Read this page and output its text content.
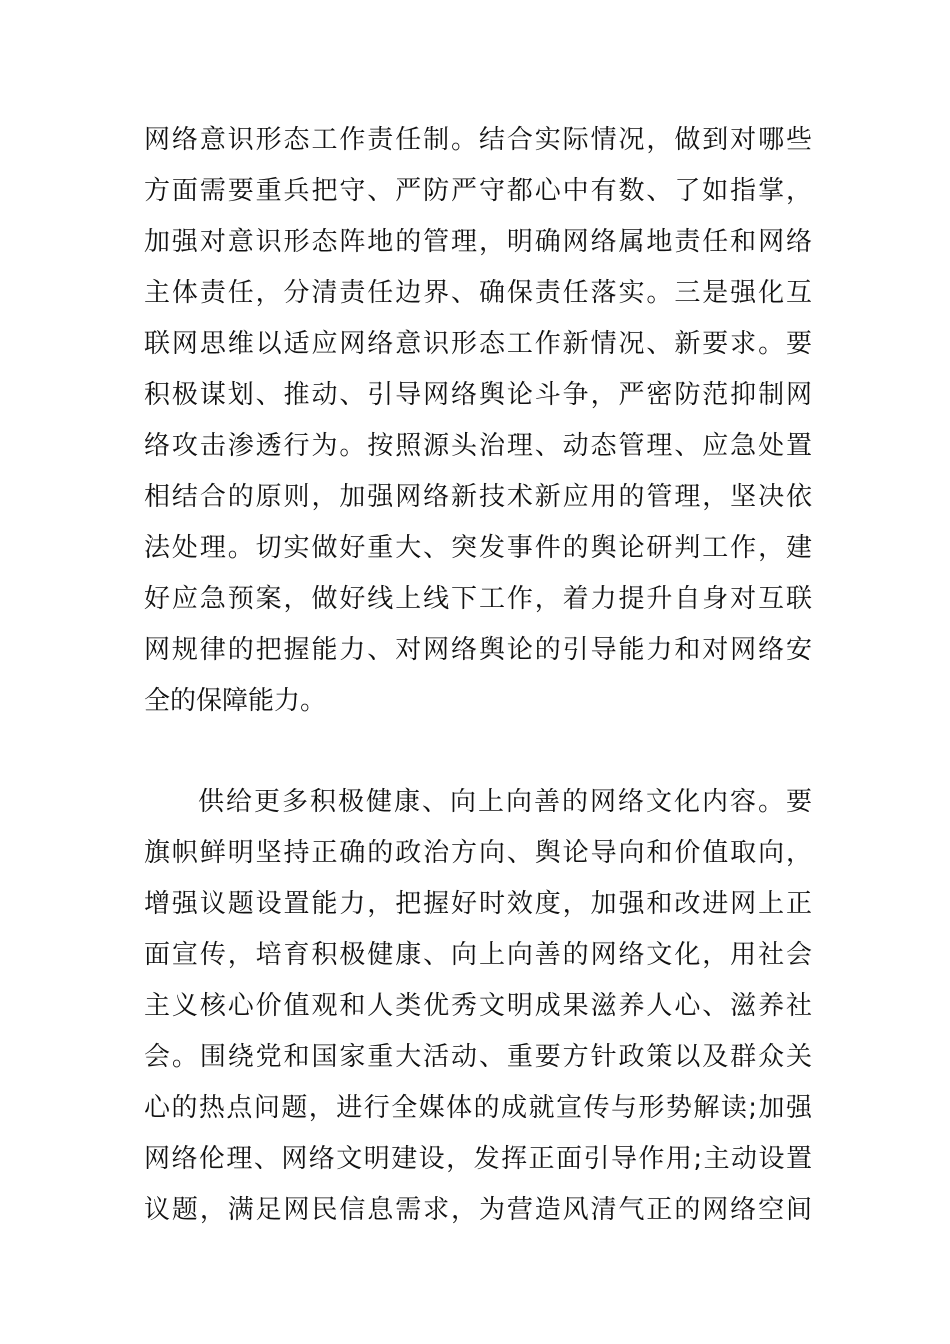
网络意识形态工作责任制。结合实际情况，做到对哪些
方面需要重兵把守、严防严守都心中有数、了如指掌，
加强对意识形态阵地的管理，明确网络属地责任和网络
主体责任，分清责任边界、确保责任落实。三是强化互
联网思维以适应网络意识形态工作新情况、新要求。要
积极谋划、推动、引导网络舆论斗争，严密防范抑制网
络攻击渗透行为。按照源头治理、动态管理、应急处置
相结合的原则，加强网络新技术新应用的管理，坚决依
法处理。切实做好重大、突发事件的舆论研判工作，建
好应急预案，做好线上线下工作，着力提升自身对互联
网规律的把握能力、对网络舆论的引导能力和对网络安
全的保障能力。
供给更多积极健康、向上向善的网络文化内容。要
旗帜鲜明坚持正确的政治方向、舆论导向和价值取向，
增强议题设置能力，把握好时效度，加强和改进网上正
面宣传，培育积极健康、向上向善的网络文化，用社会
主义核心价值观和人类优秀文明成果滋养人心、滋养社
会。围绕党和国家重大活动、重要方针政策以及群众关
心的热点问题，进行全媒体的成就宣传与形势解读;加强
网络伦理、网络文明建设，发挥正面引导作用;主动设置
议题，满足网民信息需求，为营造风清气正的网络空间
